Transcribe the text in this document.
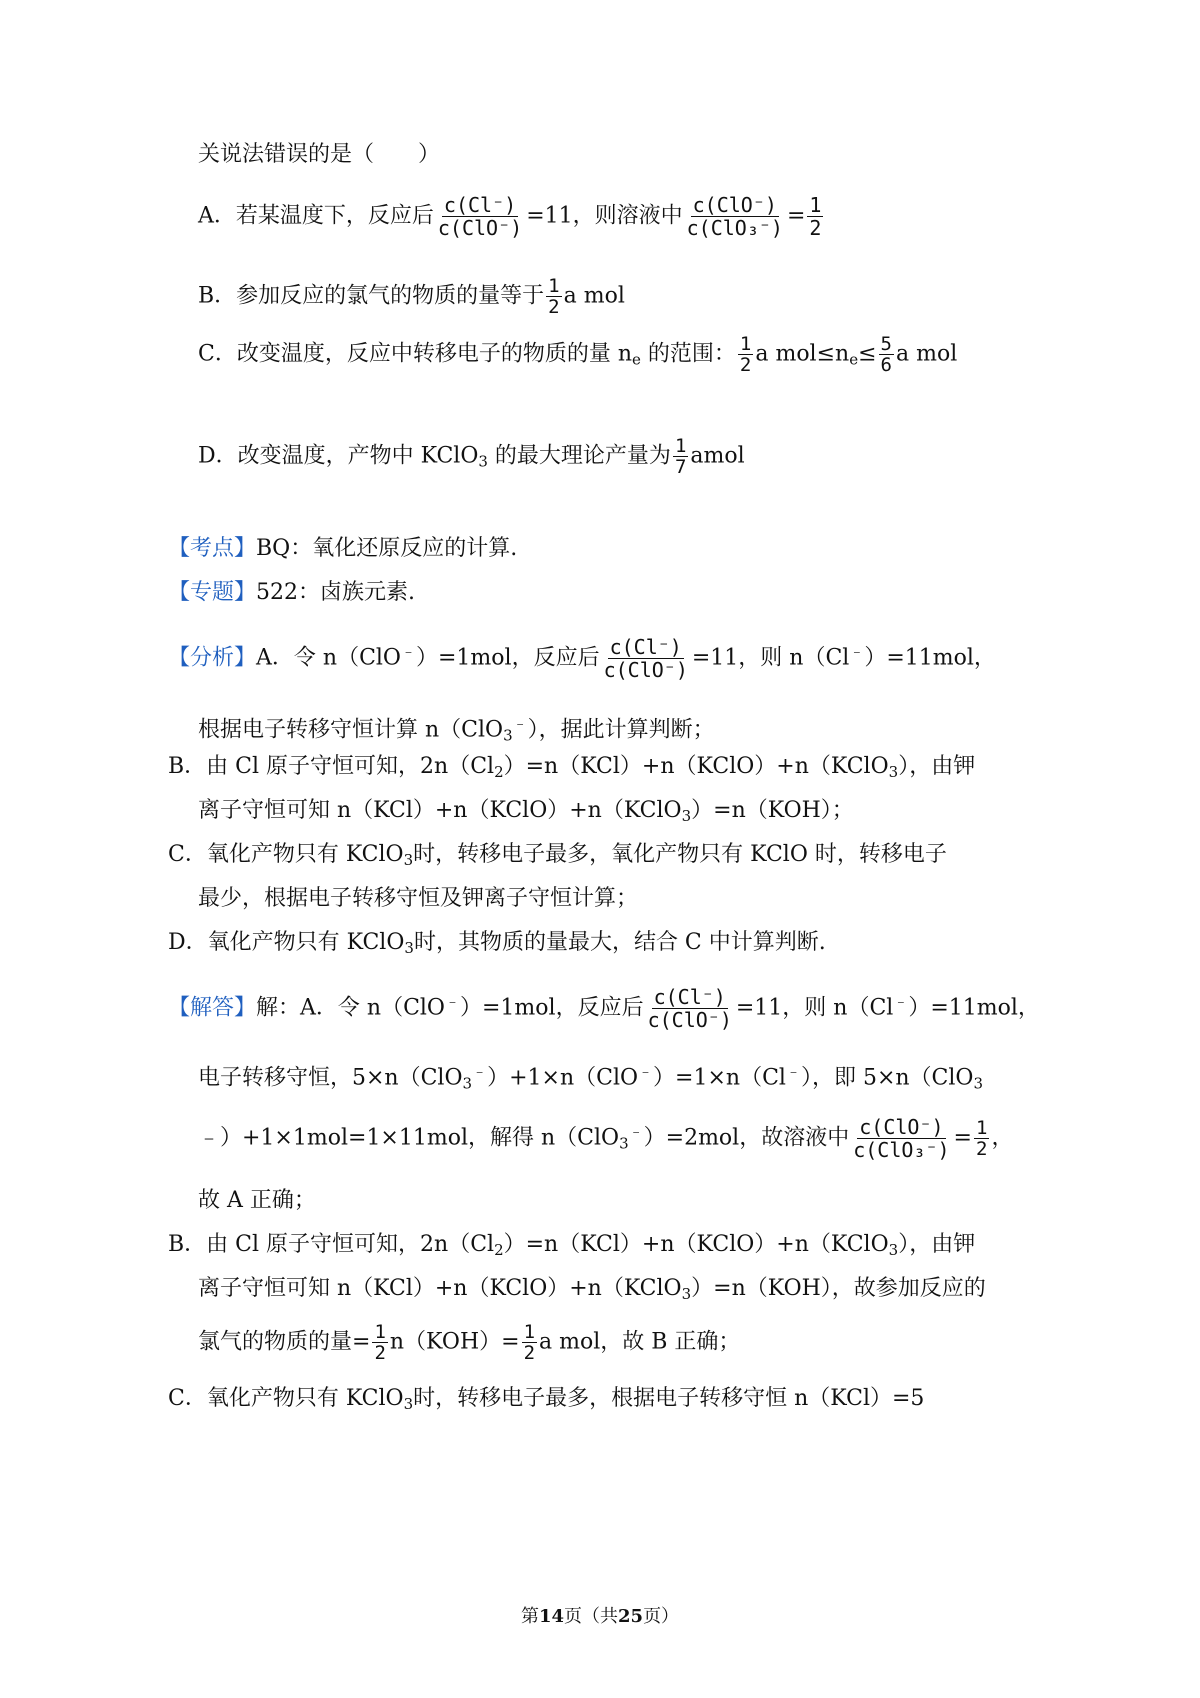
关说法错误的是（　　）
A．若某温度下，反应后 $\frac{c(Cl^-)}{\text{c(ClO⁻)}} =11$，则溶液中 $\frac{\text{c(ClO⁻)}}{\text{c(ClO₃⁻)}} = \frac{1}{2}$
B．参加反应的氯气的物质的量等于 $\frac{1}{2}$ a mol
C．改变温度，反应中转移电子的物质的量 $n_e$ 的范围： $\frac{1}{2}$ a $mol\le n_e\le \frac{5}{6}$ a mol
D．改变温度，产物中 KClO$_3$ 的最大理论产量为 $\frac{1}{7}$ amol
【考点】BQ：氧化还原反应的计算.
【专题】522：卤族元素.
【分析】A．令 n（ClO﹣）=1mol，反应后 $\frac{c(Cl^-)}{\text{c(ClO⁻)}} =11$，则 n（Cl﹣）=11mol，
根据电子转移守恒计算 n（ClO$_3$﹣），据此计算判断；
B．由 Cl 原子守恒可知，$2n(Cl_2)=n(KCl)+n(KClO)+n(KClO_3)$，由钾
离子守恒可知 n（KCl）+n（KClO）+n（KClO$_3$）=n（KOH）；
C．氧化产物只有 KClO$_3$时，转移电子最多，氧化产物只有 KClO 时，转移电子
最少，根据电子转移守恒及钾离子守恒计算；
D．氧化产物只有 KClO$_3$时，其物质的量最大，结合 C 中计算判断.
【解答】解：A．令 n（ClO﹣）=1mol，反应后 $\frac{c(Cl^-)}{\text{c(ClO⁻)}} =11$，则 n（Cl﹣）=11mol，
电子转移守恒，5×n（ClO$_3$﹣）+1×n（ClO﹣）=1×n（Cl﹣），即 5×n（ClO$_3$
﹣）+1×1mol=1×11mol，解得 n（ClO$_3$﹣）=2mol，故溶液中 $\frac{\text{c(ClO⁻)}}{\text{c(ClO₃⁻)}} = \frac{1}{2}$ ，
故 A 正确；
B．由 Cl 原子守恒可知，$2n(Cl_2)=n(KCl)+n(KClO)+n(KClO_3)$，由钾
离子守恒可知 n（KCl）+n（KClO）+n（KClO$_3$）=n（KOH），故参加反应的
氯气的物质的量= $\frac{1}{2} n(KOH)= \frac{1}{2}$ a mol，故 B 正确；
C．氧化产物只有 KClO$_3$时，转移电子最多，根据电子转移守恒 n（KCl）=5
第14页（共25页）
